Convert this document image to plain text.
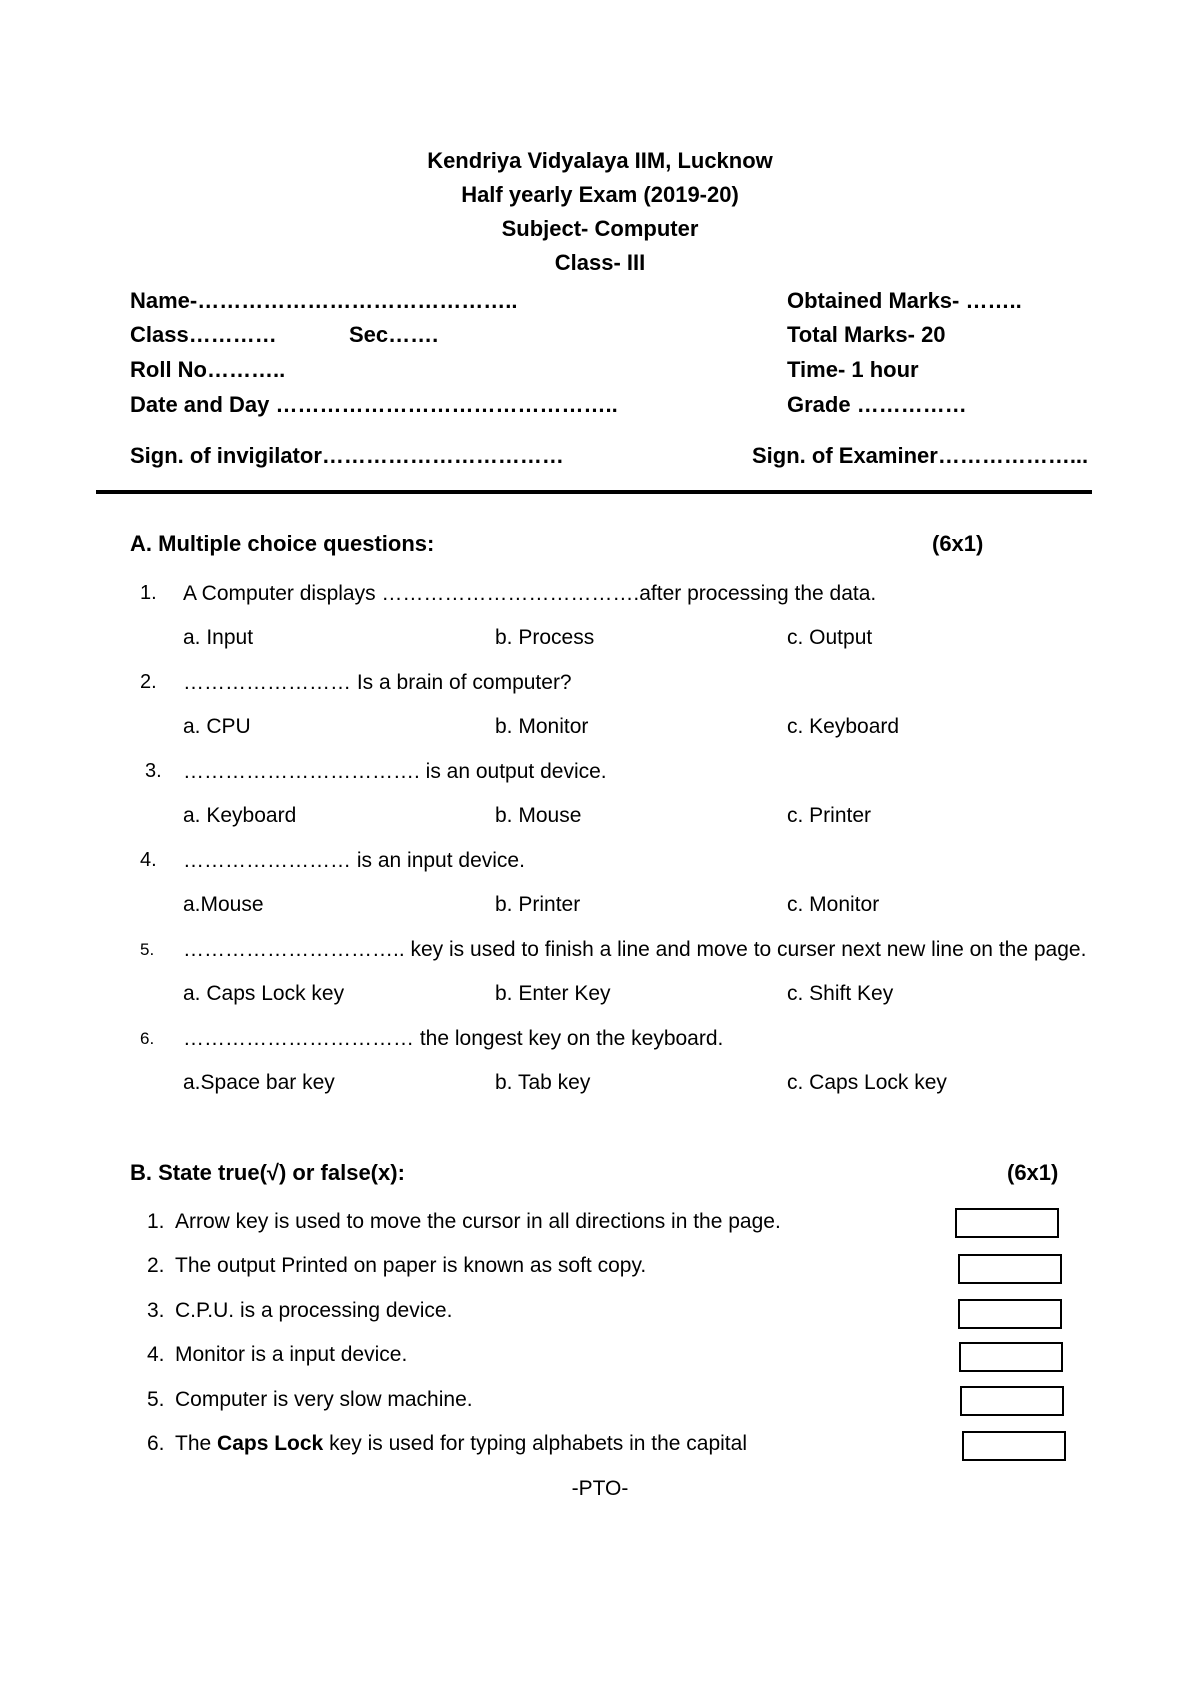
Kendriya Vidyalaya IIM, Lucknow
Half yearly Exam (2019-20)
Subject- Computer
Class- III
Name-……………………………………..	Obtained Marks- ……..
Class…………	Sec…….	Total Marks- 20
Roll No………..	Time- 1 hour
Date and Day ………………………………………..	Grade ……………
Sign. of invigilator……………………………	Sign. of Examiner………………...
A. Multiple choice questions:	(6x1)
1. A Computer displays ……………………………….after processing the data.
a. Input	b. Process	c. Output
2. …………………… Is a brain of computer?
a. CPU	b. Monitor	c. Keyboard
3. ……………………………. is an output device.
a. Keyboard	b. Mouse	c. Printer
4. …………………… is an input device.
a.Mouse	b. Printer	c. Monitor
5. ………………………….. key is used to finish a line and move to curser next new line on the page.
a. Caps Lock key	b. Enter Key	c. Shift Key
6. …………………………… the longest key on the keyboard.
a.Space bar key	b. Tab key	c. Caps Lock key
B. State true(√) or false(x):	(6x1)
1. Arrow key is used to move the cursor in all directions in the page.
2. The output Printed on paper is known as soft copy.
3. C.P.U. is a processing device.
4. Monitor is a input device.
5. Computer is very slow machine.
6. The Caps Lock key is used for typing alphabets in the capital
-PTO-
